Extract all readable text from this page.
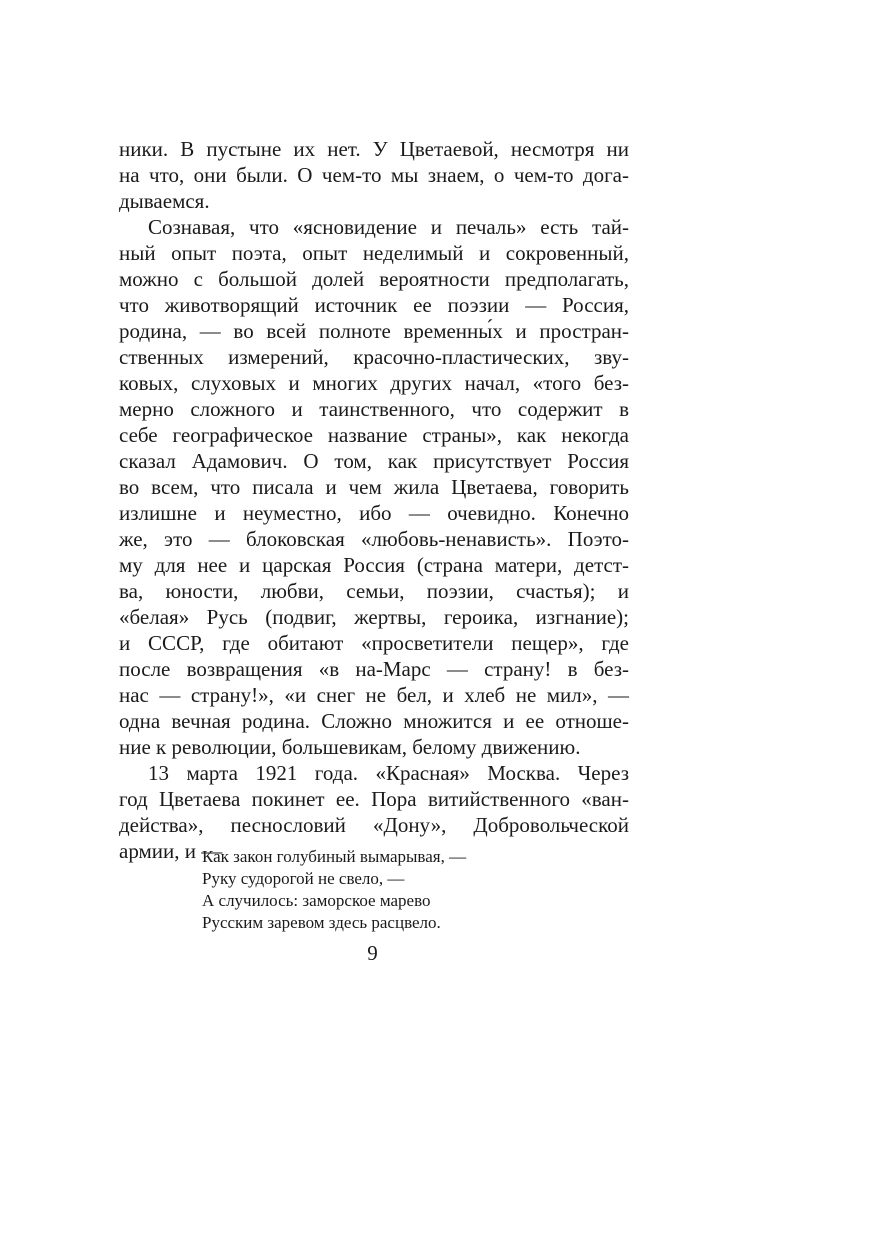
ники. В пустыне их нет. У Цветаевой, несмотря ни
на что, они были. О чем-то мы знаем, о чем-то дога-
дываемся.
Сознавая, что «ясновидение и печаль» есть тай-
ный опыт поэта, опыт неделимый и сокровенный,
можно с большой долей вероятности предполагать,
что животворящий источник ее поэзии — Россия,
родина, — во всей полноте временны́х и простран-
ственных измерений, красочно-пластических, зву-
ковых, слуховых и многих других начал, «того без-
мерно сложного и таинственного, что содержит в
себе географическое название страны», как некогда
сказал Адамович. О том, как присутствует Россия
во всем, что писала и чем жила Цветаева, говорить
излишне и неуместно, ибо — очевидно. Конечно
же, это — блоковская «любовь-ненависть». Поэто-
му для нее и царская Россия (страна матери, детст-
ва, юности, любви, семьи, поэзии, счастья); и
«белая» Русь (подвиг, жертвы, героика, изгнание);
и СССР, где обитают «просветители пещер», где
после возвращения «в на-Марс — страну! в без-
нас — страну!», «и снег не бел, и хлеб не мил», —
одна вечная родина. Сложно множится и ее отноше-
ние к революции, большевикам, белому движению.
13 марта 1921 года. «Красная» Москва. Через
год Цветаева покинет ее. Пора витийственного «ван-
действа», песнословий «Дону», Добровольческой
армии, и —
Как закон голубиный вымарывая, —
Руку судорогой не свело, —
А случилось: заморское марево
Русским заревом здесь расцвело.
9
